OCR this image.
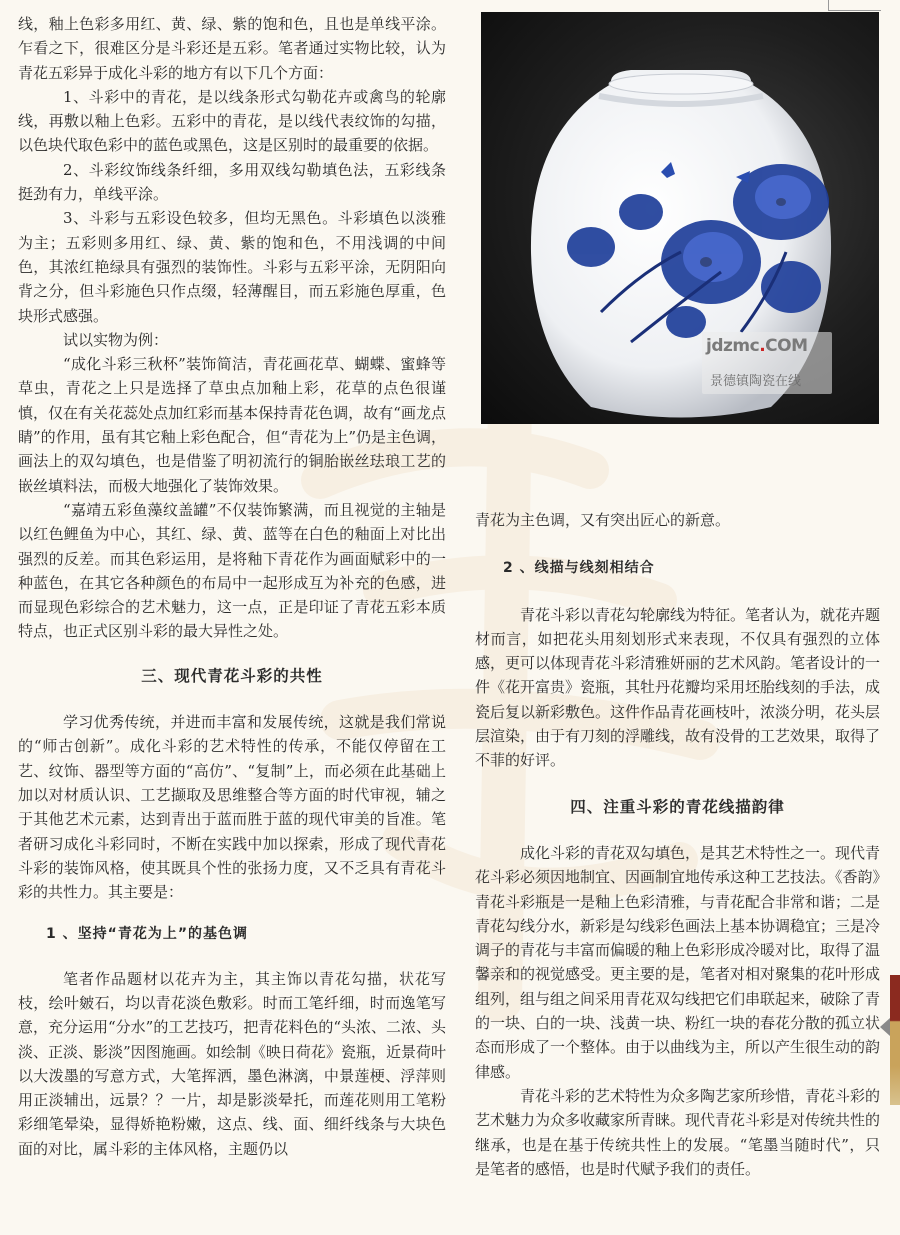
线，釉上色彩多用红、黄、绿、紫的饱和色，且也是单线平涂。乍看之下，很难区分是斗彩还是五彩。笔者通过实物比较，认为青花五彩异于成化斗彩的地方有以下几个方面：

1、斗彩中的青花，是以线条形式勾勒花卉或禽鸟的轮廓线，再敷以釉上色彩。五彩中的青花，是以线代表纹饰的勾描，以色块代取色彩中的蓝色或黑色，这是区别时的最重要的依据。

2、斗彩纹饰线条纤细，多用双线勾勒填色法，五彩线条挺劲有力，单线平涂。

3、斗彩与五彩设色较多，但均无黑色。斗彩填色以淡雅为主；五彩则多用红、绿、黄、紫的饱和色，不用浅调的中间色，其浓红艳绿具有强烈的装饰性。斗彩与五彩平涂，无阴阳向背之分，但斗彩施色只作点缀，轻薄醒目，而五彩施色厚重，色块形式感强。

试以实物为例：

“成化斗彩三秋杯”装饰简洁，青花画花草、蝴蝶、蜜蜂等草虫，青花之上只是选择了草虫点加釉上彩，花草的点色很谨慎，仅在有关花蕊处点加红彩而基本保持青花色调，故有“画龙点睛”的作用，虽有其它釉上彩色配合，但“青花为上”仍是主色调，画法上的双勾填色，也是借鉴了明初流行的铜胎嵌丝珐琅工艺的嵌丝填料法，而极大地强化了装饰效果。

“嘉靖五彩鱼藻纹盖罐”不仅装饰繁满，而且视觉的主轴是以红色鲤鱼为中心，其红、绿、黄、蓝等在白色的釉面上对比出强烈的反差。而其色彩运用，是将釉下青花作为画面赋彩中的一种蓝色，在其它各种颜色的布局中一起形成互为补充的色感，进而显现色彩综合的艺术魅力，这一点，正是印证了青花五彩本质特点，也正式区别斗彩的最大异性之处。

三、现代青花斗彩的共性

学习优秀传统，并进而丰富和发展传统，这就是我们常说的“师古创新”。成化斗彩的艺术特性的传承，不能仅停留在工艺、纹饰、器型等方面的“高仿”、“复制”上，而必须在此基础上加以对材质认识、工艺撷取及思维整合等方面的时代审视，辅之于其他艺术元素，达到青出于蓝而胜于蓝的现代审美的旨准。笔者研习成化斗彩同时，不断在实践中加以探索，形成了现代青花斗彩的装饰风格，使其既具个性的张扬力度，又不乏具有青花斗彩的共性力。其主要是：

1 、坚持“青花为上”的基色调

笔者作品题材以花卉为主，其主饰以青花勾描，状花写枝，绘叶皴石，均以青花淡色敷彩。时而工笔纤细，时而逸笔写意，充分运用“分水”的工艺技巧，把青花料色的“头浓、二浓、头淡、正淡、影淡”因图施画。如绘制《映日荷花》瓷瓶，近景荷叶以大泼墨的写意方式，大笔挥洒，墨色淋漓，中景莲梗、浮萍则用正淡辅出，远景？？一片，却是影淡晕托，而莲花则用工笔粉彩细笔晕染，显得娇艳粉嫩，这点、线、面、细纤线条与大块色面的对比，属斗彩的主体风格，主题仍以

jdzmc.COM
景德镇陶瓷在线

青花为主色调，又有突出匠心的新意。

2 、线描与线刻相结合

青花斗彩以青花勾轮廓线为特征。笔者认为，就花卉题材而言，如把花头用刻划形式来表现，不仅具有强烈的立体感，更可以体现青花斗彩清雅妍丽的艺术风韵。笔者设计的一件《花开富贵》瓷瓶，其牡丹花瓣均采用坯胎线刻的手法，成瓷后复以新彩敷色。这件作品青花画枝叶，浓淡分明，花头层层渲染，由于有刀刻的浮雕线，故有没骨的工艺效果，取得了不菲的好评。

四、注重斗彩的青花线描韵律

成化斗彩的青花双勾填色，是其艺术特性之一。现代青花斗彩必须因地制宜、因画制宜地传承这种工艺技法。《香韵》青花斗彩瓶是一是釉上色彩清雅，与青花配合非常和谐；二是青花勾线分水，新彩是勾线彩色画法上基本协调稳宜；三是冷调子的青花与丰富而偏暖的釉上色彩形成冷暖对比，取得了温馨亲和的视觉感受。更主要的是，笔者对相对聚集的花叶形成组列，组与组之间采用青花双勾线把它们串联起来，破除了青的一块、白的一块、浅黄一块、粉红一块的春花分散的孤立状态而形成了一个整体。由于以曲线为主，所以产生很生动的韵律感。

青花斗彩的艺术特性为众多陶艺家所珍惜，青花斗彩的艺术魅力为众多收藏家所青睐。现代青花斗彩是对传统共性的继承，也是在基于传统共性上的发展。“笔墨当随时代”，只是笔者的感悟，也是时代赋予我们的责任。
